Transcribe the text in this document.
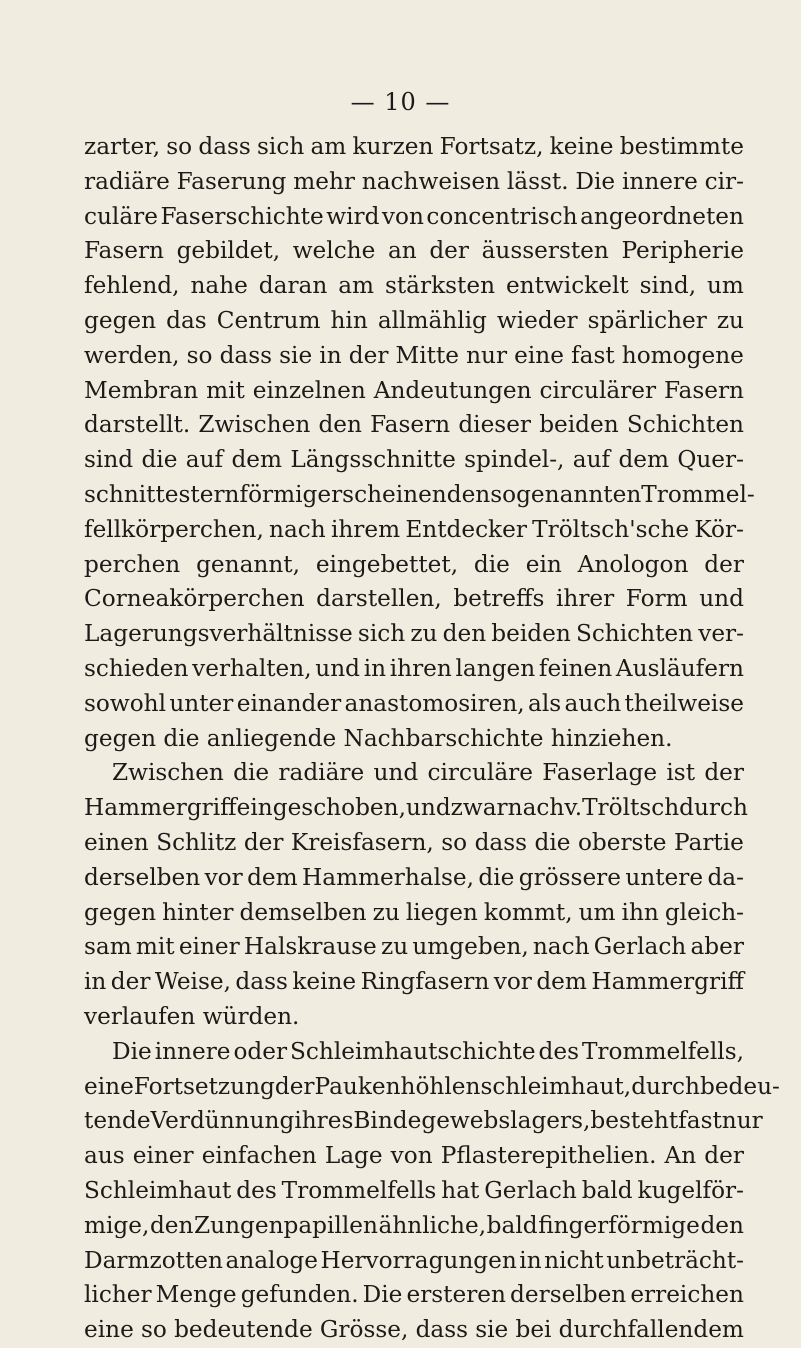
— 10 —
zarter, so dass sich am kurzen Fortsatz, keine bestimmte
radiäre Faserung mehr nachweisen lässt. Die innere cir-
culäre Faserschichte wird von concentrisch angeordneten
Fasern gebildet, welche an der äussersten Peripherie
fehlend, nahe daran am stärksten entwickelt sind, um
gegen das Centrum hin allmählig wieder spärlicher zu
werden, so dass sie in der Mitte nur eine fast homogene
Membran mit einzelnen Andeutungen circulärer Fasern
darstellt. Zwischen den Fasern dieser beiden Schichten
sind die auf dem Längsschnitte spindel-, auf dem Quer-
schnitte sternförmig erscheinenden sogenannten Trommel-
fellkörperchen, nach ihrem Entdecker Tröltsch'sche Kör-
perchen genannt, eingebettet, die ein Anologon der
Corneakörperchen darstellen, betreffs ihrer Form und
Lagerungsverhältnisse sich zu den beiden Schichten ver-
schieden verhalten, und in ihren langen feinen Ausläufern
sowohl unter einander anastomosiren, als auch theilweise
gegen die anliegende Nachbarschichte hinziehen.
Zwischen die radiäre und circuläre Faserlage ist der
Hammergriff eingeschoben, und zwar nach v. Tröltsch durch
einen Schlitz der Kreisfasern, so dass die oberste Partie
derselben vor dem Hammerhalse, die grössere untere da-
gegen hinter demselben zu liegen kommt, um ihn gleich-
sam mit einer Halskrause zu umgeben, nach Gerlach aber
in der Weise, dass keine Ringfasern vor dem Hammergriff
verlaufen würden.
Die innere oder Schleimhautschichte des Trommelfells,
eine Fortsetzung der Paukenhöhlenschleimhaut, durch bedeu-
tende Verdünnung ihres Bindegewebslagers, besteht fast nur
aus einer einfachen Lage von Pflasterepithelien. An der
Schleimhaut des Trommelfells hat Gerlach bald kugelför-
mige, den Zungenpapillen ähnliche, bald fingerförmige den
Darmzotten analoge Hervorragungen in nicht unbeträcht-
licher Menge gefunden. Die ersteren derselben erreichen
eine so bedeutende Grösse, dass sie bei durchfallendem
